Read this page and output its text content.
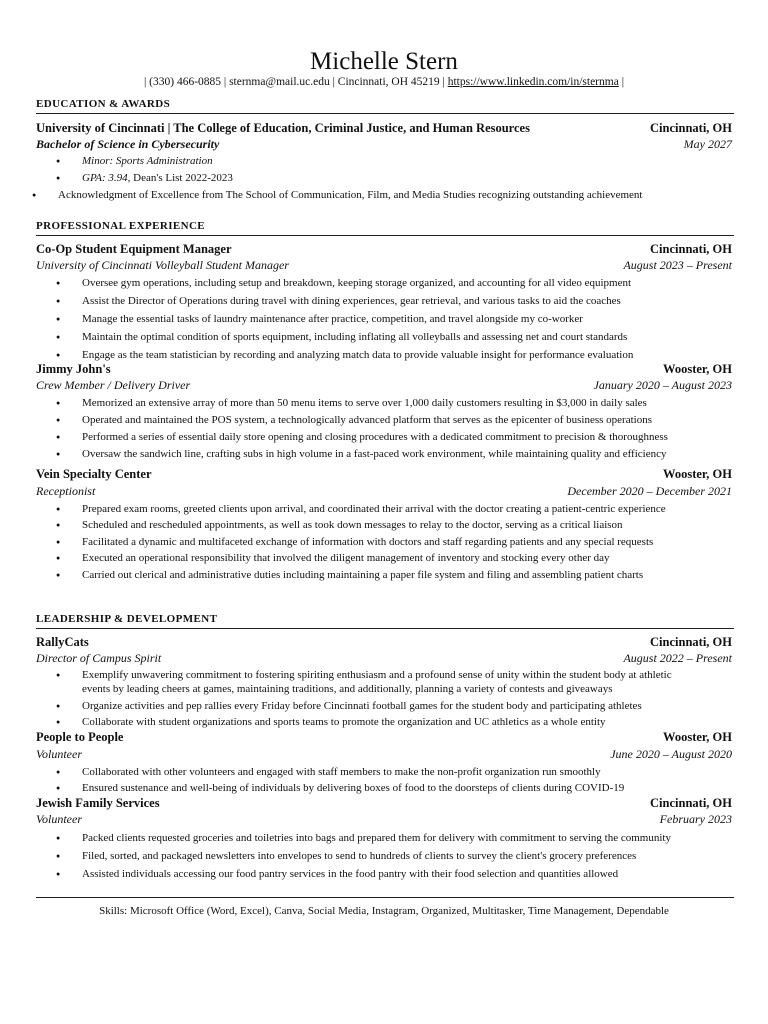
Michelle Stern
| (330) 466-0885 | sternma@mail.uc.edu | Cincinnati, OH 45219 | https://www.linkedin.com/in/sternma |
EDUCATION & AWARDS
University of Cincinnati | The College of Education, Criminal Justice, and Human Resources	Cincinnati, OH
Bachelor of Science in Cybersecurity	May 2027
● Minor: Sports Administration
● GPA: 3.94, Dean's List 2022-2023
● Acknowledgment of Excellence from The School of Communication, Film, and Media Studies recognizing outstanding achievement
PROFESSIONAL EXPERIENCE
Co-Op Student Equipment Manager	Cincinnati, OH
University of Cincinnati Volleyball Student Manager	August 2023 – Present
● Oversee gym operations, including setup and breakdown, keeping storage organized, and accounting for all video equipment
● Assist the Director of Operations during travel with dining experiences, gear retrieval, and various tasks to aid the coaches
● Manage the essential tasks of laundry maintenance after practice, competition, and travel alongside my co-worker
● Maintain the optimal condition of sports equipment, including inflating all volleyballs and assessing net and court standards
● Engage as the team statistician by recording and analyzing match data to provide valuable insight for performance evaluation
Jimmy John's	Wooster, OH
Crew Member / Delivery Driver	January 2020 – August 2023
● Memorized an extensive array of more than 50 menu items to serve over 1,000 daily customers resulting in $3,000 in daily sales
● Operated and maintained the POS system, a technologically advanced platform that serves as the epicenter of business operations
● Performed a series of essential daily store opening and closing procedures with a dedicated commitment to precision & thoroughness
● Oversaw the sandwich line, crafting subs in high volume in a fast-paced work environment, while maintaining quality and efficiency
Vein Specialty Center	Wooster, OH
Receptionist	December 2020 – December 2021
● Prepared exam rooms, greeted clients upon arrival, and coordinated their arrival with the doctor creating a patient-centric experience
● Scheduled and rescheduled appointments, as well as took down messages to relay to the doctor, serving as a critical liaison
● Facilitated a dynamic and multifaceted exchange of information with doctors and staff regarding patients and any special requests
● Executed an operational responsibility that involved the diligent management of inventory and stocking every other day
● Carried out clerical and administrative duties including maintaining a paper file system and filing and assembling patient charts
LEADERSHIP & DEVELOPMENT
RallyCats	Cincinnati, OH
Director of Campus Spirit	August 2022 – Present
● Exemplify unwavering commitment to fostering spiriting enthusiasm and a profound sense of unity within the student body at athletic events by leading cheers at games, maintaining traditions, and additionally, planning a variety of contests and giveaways
● Organize activities and pep rallies every Friday before Cincinnati football games for the student body and participating athletes
● Collaborate with student organizations and sports teams to promote the organization and UC athletics as a whole entity
People to People	Wooster, OH
Volunteer	June 2020 – August 2020
● Collaborated with other volunteers and engaged with staff members to make the non-profit organization run smoothly
● Ensured sustenance and well-being of individuals by delivering boxes of food to the doorsteps of clients during COVID-19
Jewish Family Services	Cincinnati, OH
Volunteer	February 2023
● Packed clients requested groceries and toiletries into bags and prepared them for delivery with commitment to serving the community
● Filed, sorted, and packaged newsletters into envelopes to send to hundreds of clients to survey the client's grocery preferences
● Assisted individuals accessing our food pantry services in the food pantry with their food selection and quantities allowed
Skills: Microsoft Office (Word, Excel), Canva, Social Media, Instagram, Organized, Multitasker, Time Management, Dependable
